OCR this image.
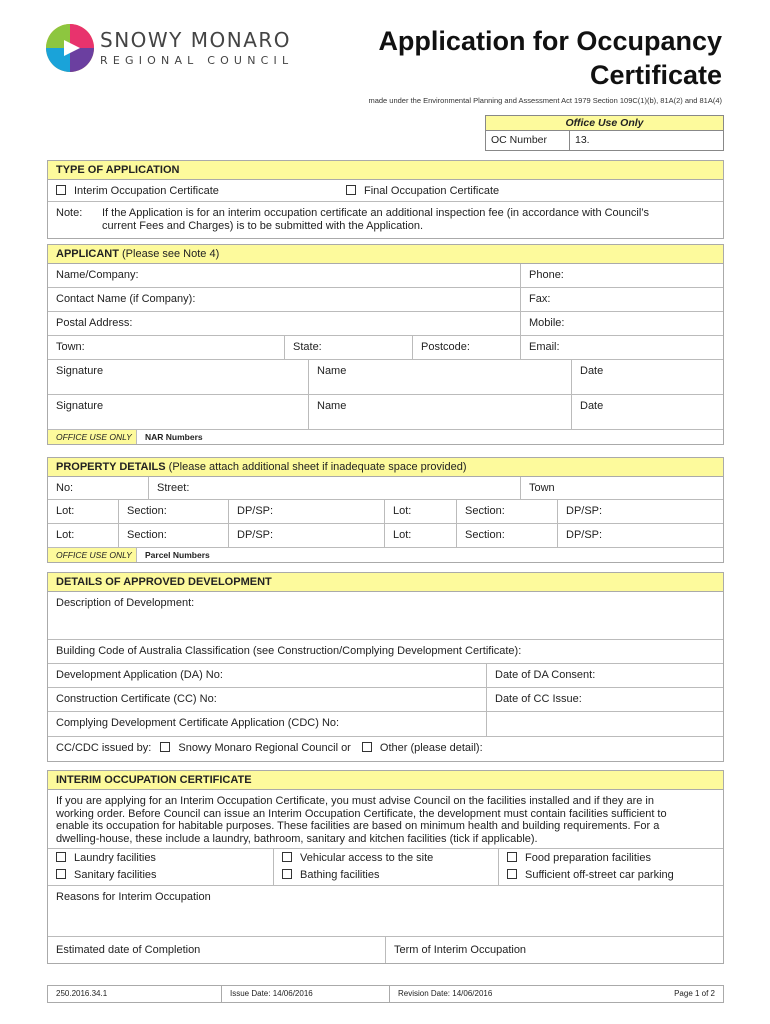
SNOWY MONARO
REGIONAL COUNCIL
Application for Occupancy
Certificate
made under the Environmental Planning and Assessment Act 1979 Section 109C(1)(b), 81A(2) and 81A(4)
Office Use Only
OC Number	13.
TYPE OF APPLICATION
Interim Occupation Certificate	Final Occupation Certificate
Note:	If the Application is for an interim occupation certificate an additional inspection fee (in accordance with Council’s
current Fees and Charges) is to be submitted with the Application.
APPLICANT (Please see Note 4)
Name/Company:	Phone:
Contact Name (if Company):	Fax:
Postal Address:	Mobile:
Town:	State:	Postcode:	Email:
Signature	Name	Date
Signature	Name	Date
OFFICE USE ONLY	NAR Numbers
PROPERTY DETAILS (Please attach additional sheet if inadequate space provided)
No:	Street:	Town
Lot:	Section:	DP/SP:	Lot:	Section:	DP/SP:
Lot:	Section:	DP/SP:	Lot:	Section:	DP/SP:
OFFICE USE ONLY	Parcel Numbers
DETAILS OF APPROVED DEVELOPMENT
Description of Development:
Building Code of Australia Classification (see Construction/Complying Development Certificate):
Development Application (DA) No:	Date of DA Consent:
Construction Certificate (CC) No:	Date of CC Issue:
Complying Development Certificate Application (CDC) No:
CC/CDC issued by: Snowy Monaro Regional Council or	Other (please detail):
INTERIM OCCUPATION CERTIFICATE
If you are applying for an Interim Occupation Certificate, you must advise Council on the facilities installed and if they are in
working order. Before Council can issue an Interim Occupation Certificate, the development must contain facilities sufficient to
enable its occupation for habitable purposes. These facilities are based on minimum health and building requirements. For a
dwelling-house, these include a laundry, bathroom, sanitary and kitchen facilities (tick if applicable).
Laundry facilities
Sanitary facilities
Vehicular access to the site
Bathing facilities
Food preparation facilities
Sufficient off-street car parking
Reasons for Interim Occupation
Estimated date of Completion	Term of Interim Occupation
250.2016.34.1	Issue Date: 14/06/2016	Revision Date: 14/06/2016	Page 1 of 2
